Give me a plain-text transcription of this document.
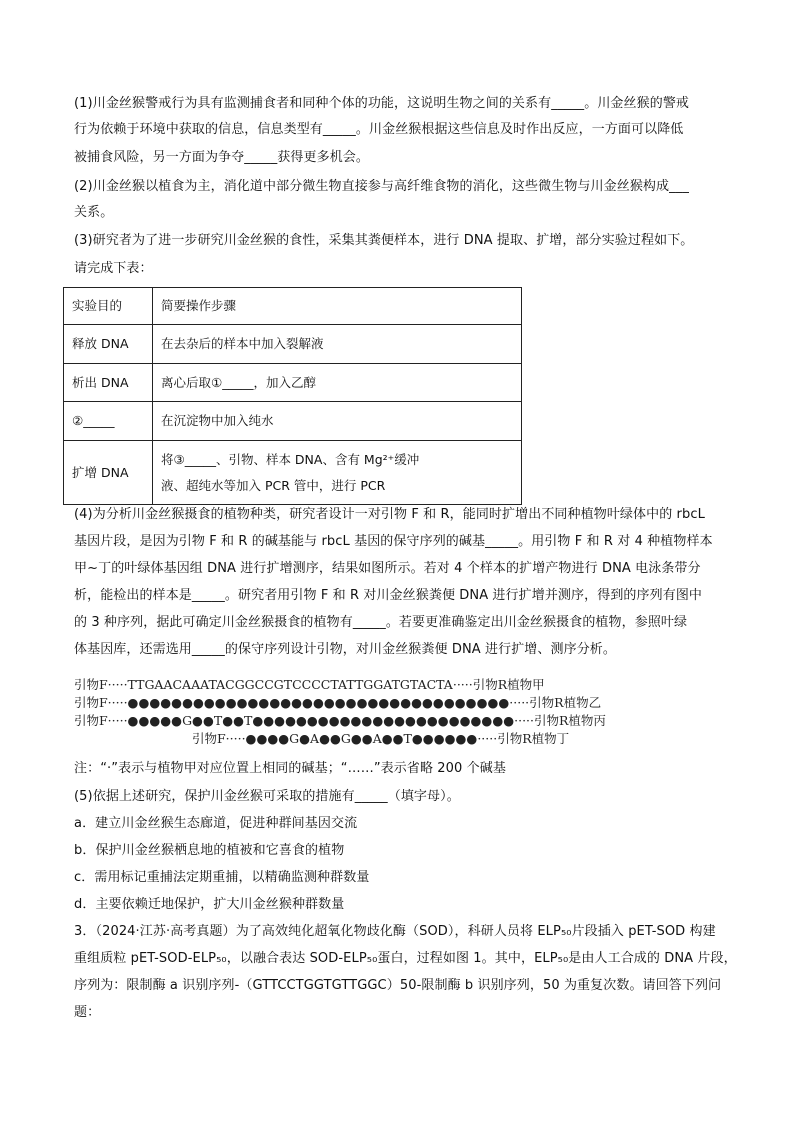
(1)川金丝猴警戒行为具有监测捕食者和同种个体的功能，这说明生物之间的关系有_____。川金丝猴的警戒
行为依赖于环境中获取的信息，信息类型有_____。川金丝猴根据这些信息及时作出反应，一方面可以降低
被捕食风险，另一方面为争夺_____获得更多机会。
(2)川金丝猴以植食为主，消化道中部分微生物直接参与高纤维食物的消化，这些微生物与川金丝猴构成___
关系。
(3)研究者为了进一步研究川金丝猴的食性，采集其粪便样本，进行 DNA 提取、扩增，部分实验过程如下。
请完成下表：
实验目的	简要操作步骤
释放 DNA	在去杂后的样本中加入裂解液
析出 DNA	离心后取①_____，加入乙醇
②_____	在沉淀物中加入纯水
扩增 DNA	将③_____、引物、样本 DNA、含有 Mg²⁺缓冲
液、超纯水等加入 PCR 管中，进行 PCR
(4)为分析川金丝猴摄食的植物种类，研究者设计一对引物 F 和 R，能同时扩增出不同种植物叶绿体中的 rbcL
基因片段，是因为引物 F 和 R 的碱基能与 rbcL 基因的保守序列的碱基_____。用引物 F 和 R 对 4 种植物样本
甲~丁的叶绿体基因组 DNA 进行扩增测序，结果如图所示。若对 4 个样本的扩增产物进行 DNA 电泳条带分
析，能检出的样本是_____。研究者用引物 F 和 R 对川金丝猴粪便 DNA 进行扩增并测序，得到的序列有图中
的 3 种序列，据此可确定川金丝猴摄食的植物有_____。若要更准确鉴定出川金丝猴摄食的植物，参照叶绿
体基因库，还需选用_____的保守序列设计引物，对川金丝猴粪便 DNA 进行扩增、测序分析。
引物F·····TTGAACAAATACGGCCGTCCCCTATTGGATGTACTA·····引物R植物甲
引物F·····●●●●●●●●●●●●●●●●●●●●●●●●●●●●●●●●●●●·····引物R植物乙
引物F·····●●●●●G●●T●●T●●●●●●●●●●●●●●●●●●●●●●●●·····引物R植物丙
引物F·····●●●●G●A●●G●●A●●T●●●●●●·····引物R植物丁
注：“·”表示与植物甲对应位置上相同的碱基；“……”表示省略 200 个碱基
(5)依据上述研究，保护川金丝猴可采取的措施有_____（填字母）。
a．建立川金丝猴生态廊道，促进种群间基因交流
b．保护川金丝猴栖息地的植被和它喜食的植物
c．需用标记重捕法定期重捕，以精确监测种群数量
d．主要依赖迁地保护，扩大川金丝猴种群数量
3．（2024·江苏·高考真题）为了高效纯化超氧化物歧化酶（SOD），科研人员将 ELP₅₀片段插入 pET-SOD 构建
重组质粒 pET-SOD-ELP₅₀，以融合表达 SOD-ELP₅₀蛋白，过程如图 1。其中，ELP₅₀是由人工合成的 DNA 片段，
序列为：限制酶 a 识别序列-（GTTCCTGGTGTTGGC）50-限制酶 b 识别序列，50 为重复次数。请回答下列问
题：
